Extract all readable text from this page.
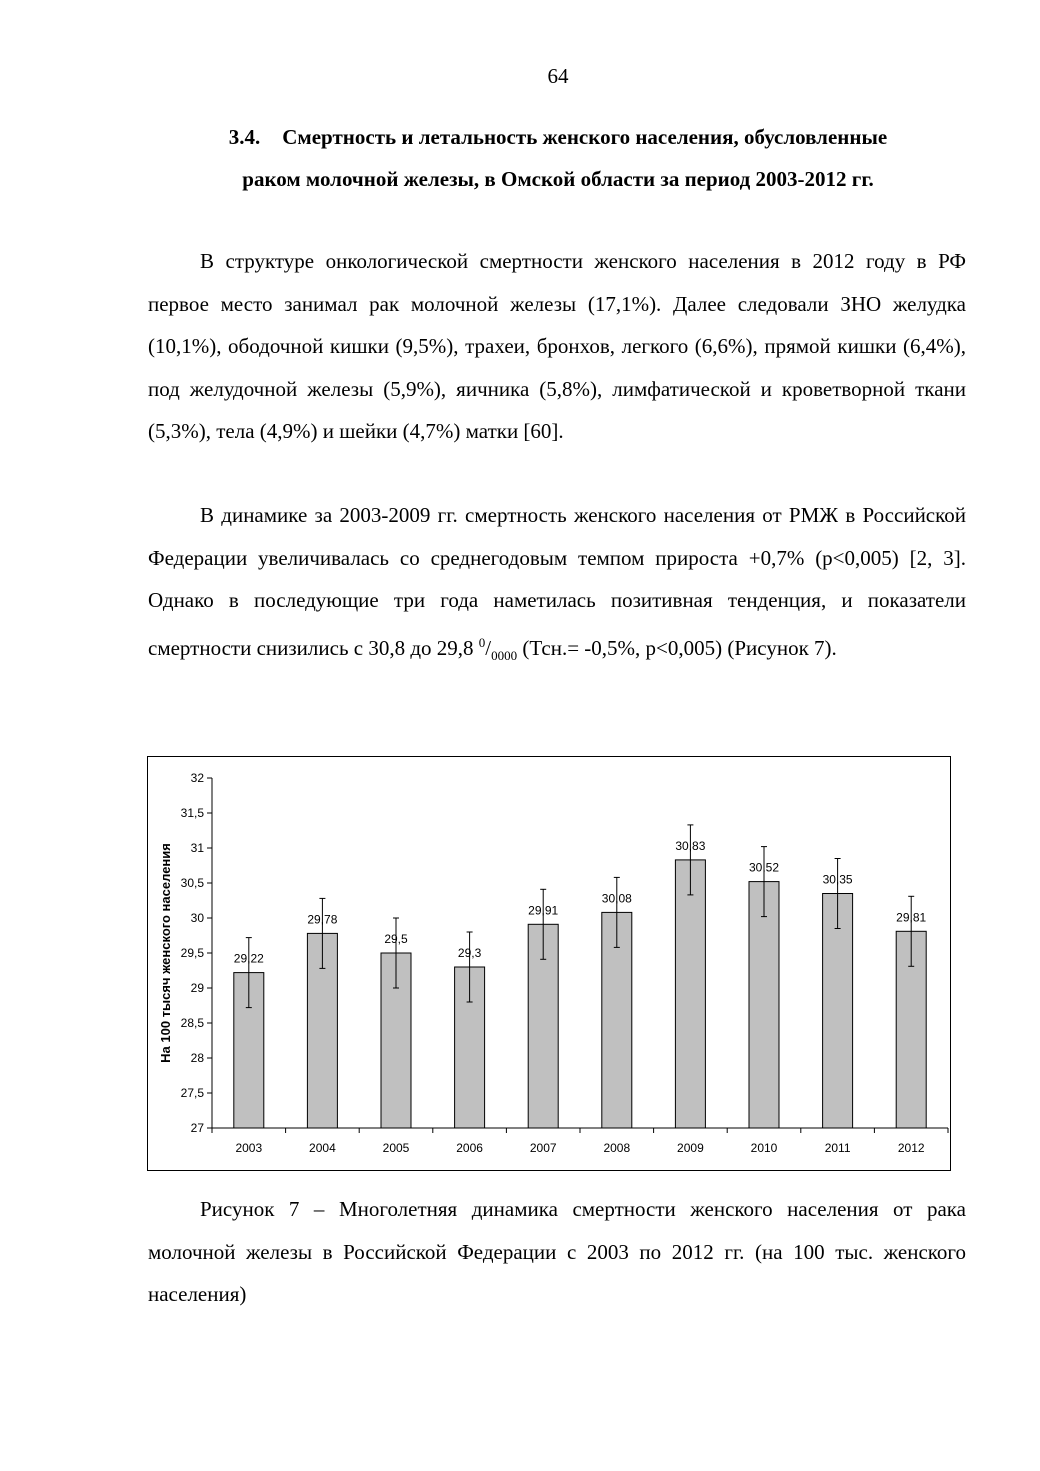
64
3.4. Смертность и летальность женского населения, обусловленные
раком молочной железы, в Омской области за период 2003-2012 гг.

В структуре онкологической смертности женского населения в 2012 году в РФ первое место занимал рак молочной железы (17,1%). Далее следовали ЗНО желудка (10,1%), ободочной кишки (9,5%), трахеи, бронхов, легкого (6,6%), прямой кишки (6,4%), под желудочной железы (5,9%), яичника (5,8%), лимфатической и кроветворной ткани (5,3%), тела (4,9%) и шейки (4,7%) матки [60].

В динамике за 2003-2009 гг. смертность женского населения от РМЖ в Российской Федерации увеличивалась со среднегодовым темпом прироста +0,7% (p<0,005) [2, 3]. Однако в последующие три года наметилась позитивная тенденция, и показатели смертности снизились с 30,8 до 29,8 $^0/_{0000}$ (Тсн.= -0,5%, p<0,005) (Рисунок 7).

27
27,5
28
28,5
29
29,5
30
30,5
31
31,5
32
29,22
2003
29,78
2004
29,5
2005
29,3
2006
29,91
2007
30,08
2008
30,83
2009
30,52
2010
30,35
2011
29,81
2012
На 100 тысяч женского населения

Рисунок 7 – Многолетняя динамика смертности женского населения от рака молочной железы в Российской Федерации с 2003 по 2012 гг. (на 100 тыс. женского населения)
